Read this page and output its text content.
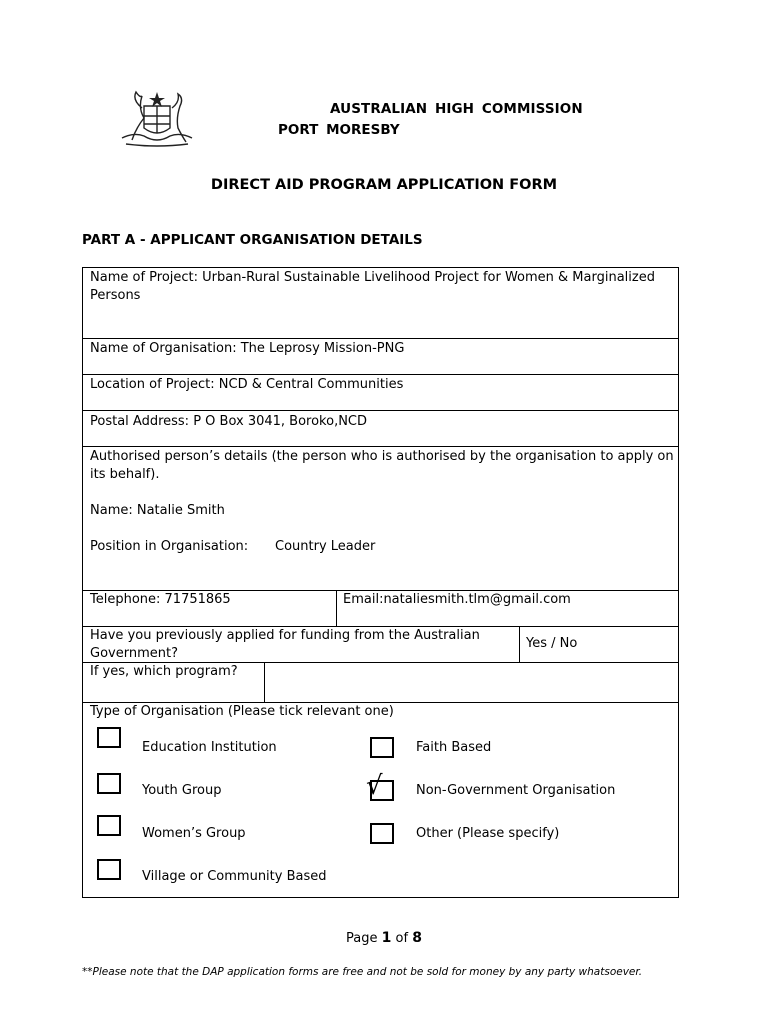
AUSTRALIAN HIGH COMMISSION
PORT MORESBY
DIRECT AID PROGRAM APPLICATION FORM
PART A - APPLICANT ORGANISATION DETAILS
Name of Project: Urban-Rural Sustainable Livelihood Project for Women & Marginalized Persons
Name of Organisation: The Leprosy Mission-PNG
Location of Project: NCD & Central Communities
Postal Address: P O Box 3041, Boroko,NCD
Authorised person’s details (the person who is authorised by the organisation to apply on its behalf).
Name: Natalie Smith
Position in Organisation: Country Leader
Telephone: 71751865	Email:nataliesmith.tlm@gmail.com
Have you previously applied for funding from the Australian Government?
Yes / No
If yes, which program?
Type of Organisation (Please tick relevant one)
Education Institution
Youth Group
Women’s Group
Village or Community Based
Faith Based
√	Non-Government Organisation
Other (Please specify)
Page 1 of 8
**Please note that the DAP application forms are free and not be sold for money by any party whatsoever.
